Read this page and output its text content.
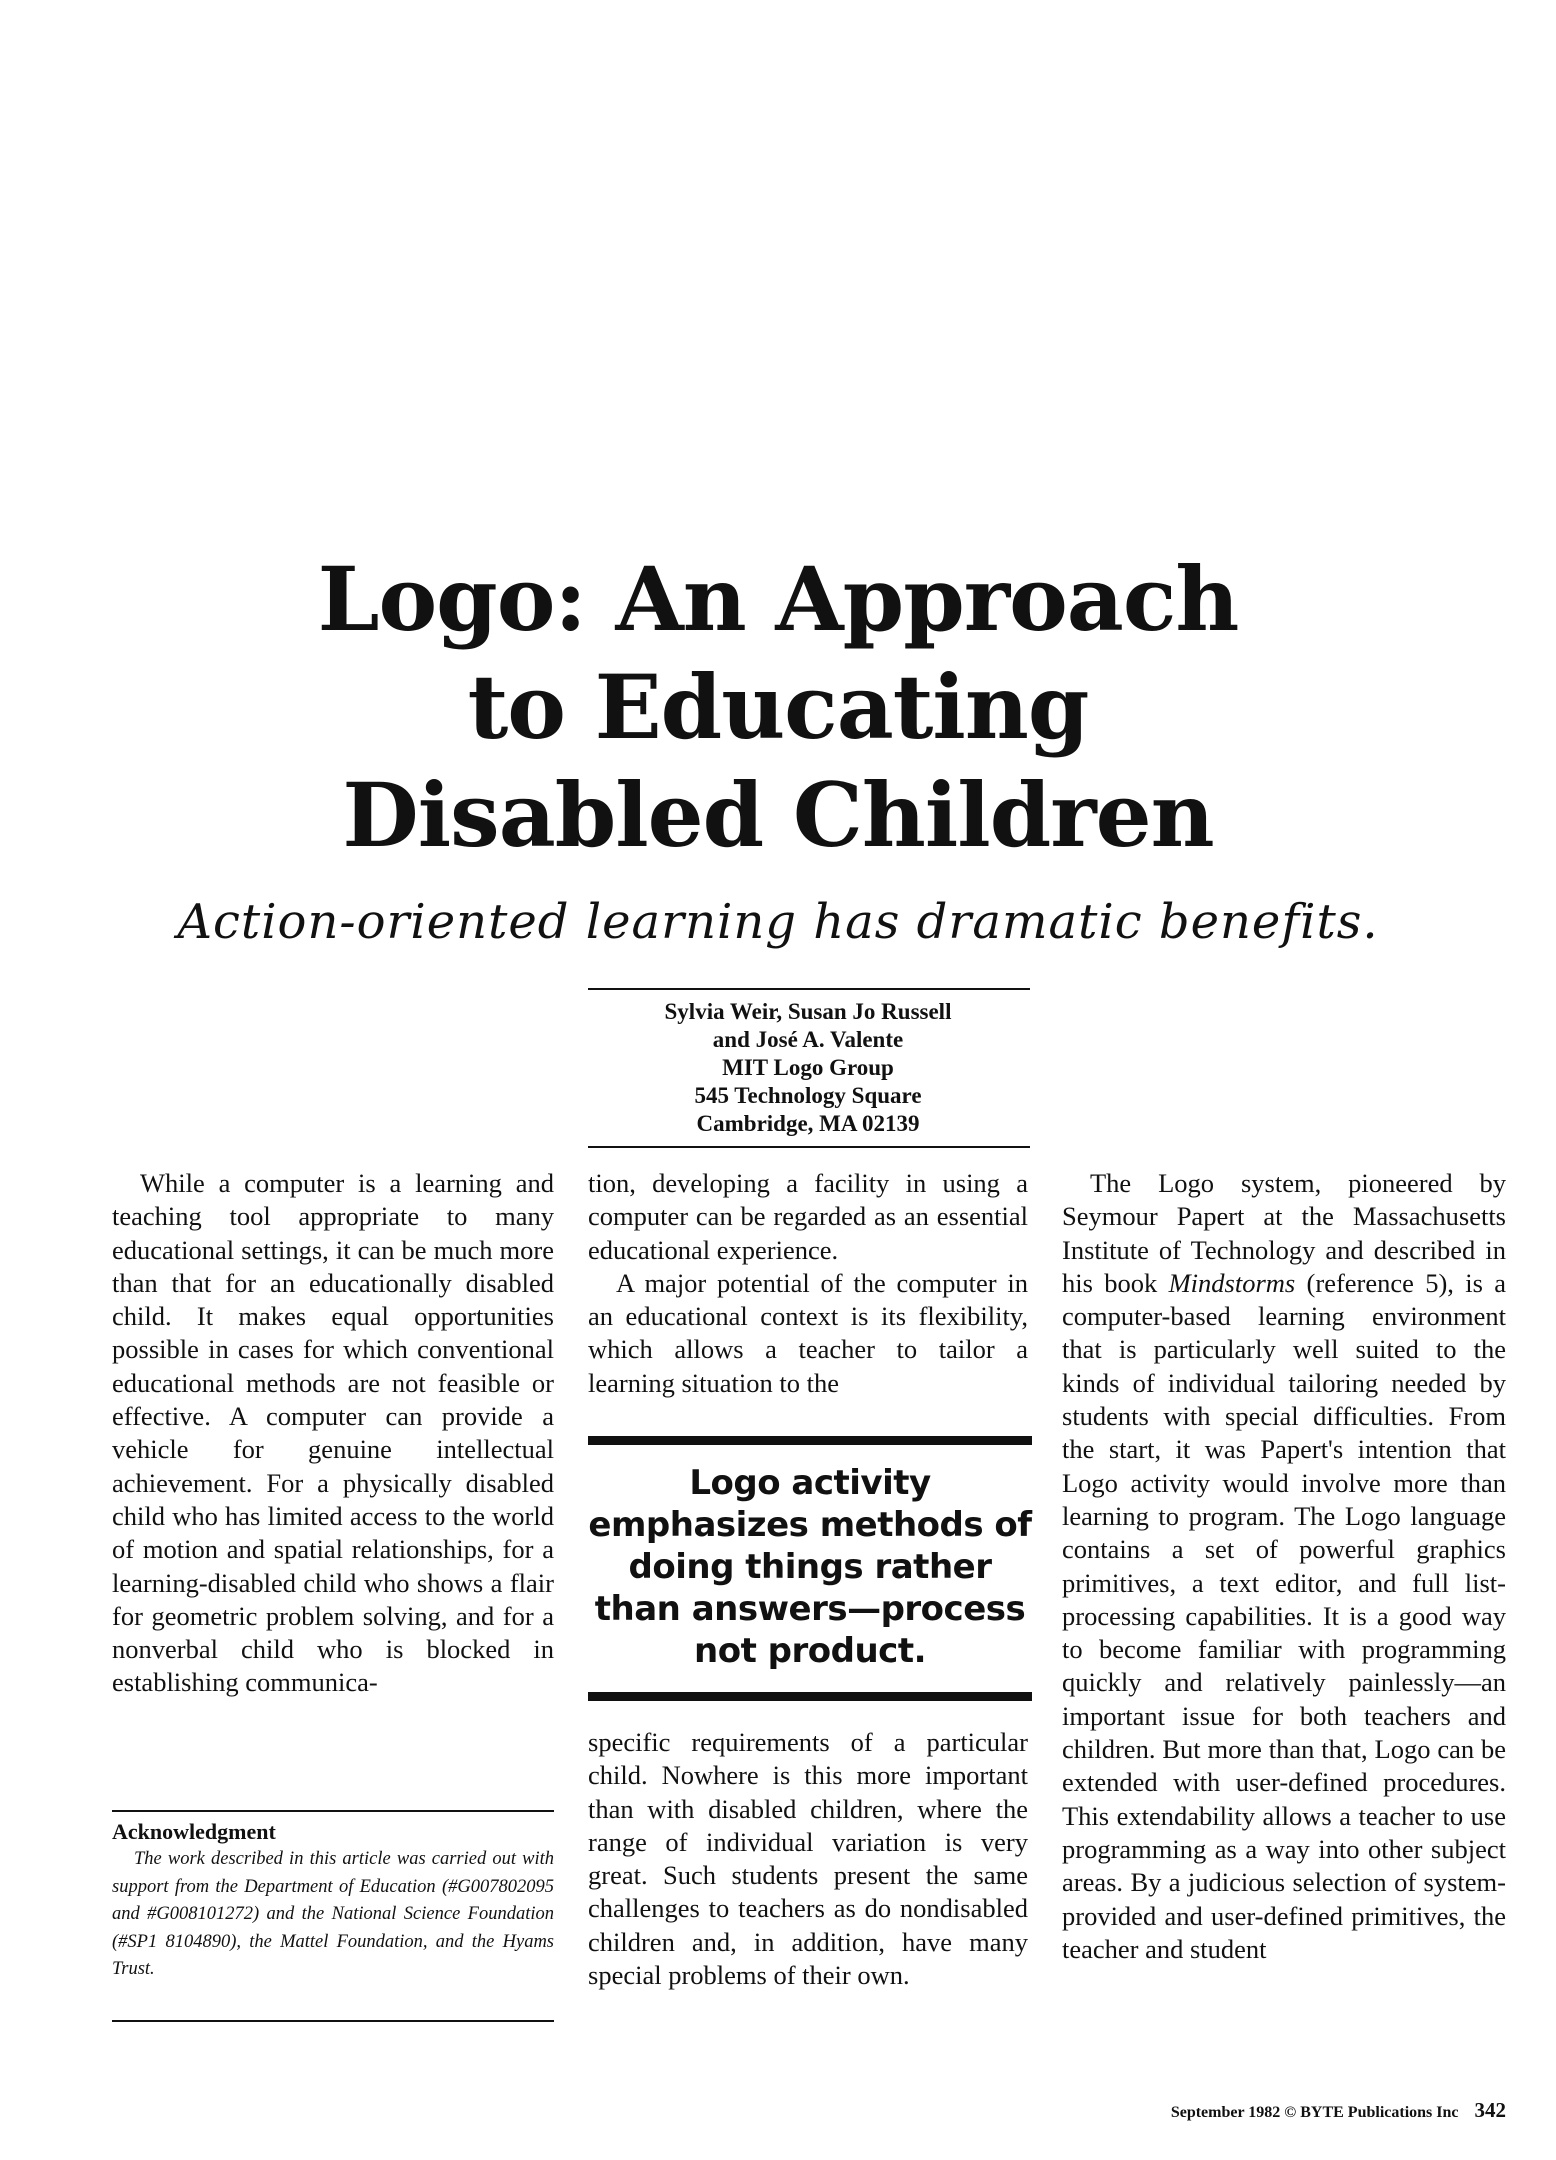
Logo: An Approach
to Educating
Disabled Children
Action-oriented learning has dramatic benefits.
Sylvia Weir, Susan Jo Russell
and José A. Valente
MIT Logo Group
545 Technology Square
Cambridge, MA 02139

While a computer is a learning and teaching tool appropriate to many educational settings, it can be much more than that for an educationally disabled child. It makes equal opportunities possible in cases for which conventional educational methods are not feasible or effective. A computer can provide a vehicle for genuine intellectual achievement. For a physically disabled child who has limited access to the world of motion and spatial relationships, for a learning-disabled child who shows a flair for geometric problem solving, and for a nonverbal child who is blocked in establishing communica-

tion, developing a facility in using a computer can be regarded as an essential educational experience.

A major potential of the computer in an educational context is its flexibility, which allows a teacher to tailor a learning situation to the

Logo activity emphasizes methods of doing things rather than answers—process not product.

specific requirements of a particular child. Nowhere is this more important than with disabled children, where the range of individual variation is very great. Such students present the same challenges to teachers as do nondisabled children and, in addition, have many special problems of their own.

The Logo system, pioneered by Seymour Papert at the Massachusetts Institute of Technology and described in his book Mindstorms (reference 5), is a computer-based learning environment that is particularly well suited to the kinds of individual tailoring needed by students with special difficulties. From the start, it was Papert's intention that Logo activity would involve more than learning to program. The Logo language contains a set of powerful graphics primitives, a text editor, and full list-processing capabilities. It is a good way to become familiar with programming quickly and relatively painlessly—an important issue for both teachers and children. But more than that, Logo can be extended with user-defined procedures. This extendability allows a teacher to use programming as a way into other subject areas. By a judicious selection of system-provided and user-defined primitives, the teacher and student

Acknowledgment
The work described in this article was carried out with support from the Department of Education (#G007802095 and #G008101272) and the National Science Foundation (#SP1 8104890), the Mattel Foundation, and the Hyams Trust.
September 1982 © BYTE Publications Inc 342
